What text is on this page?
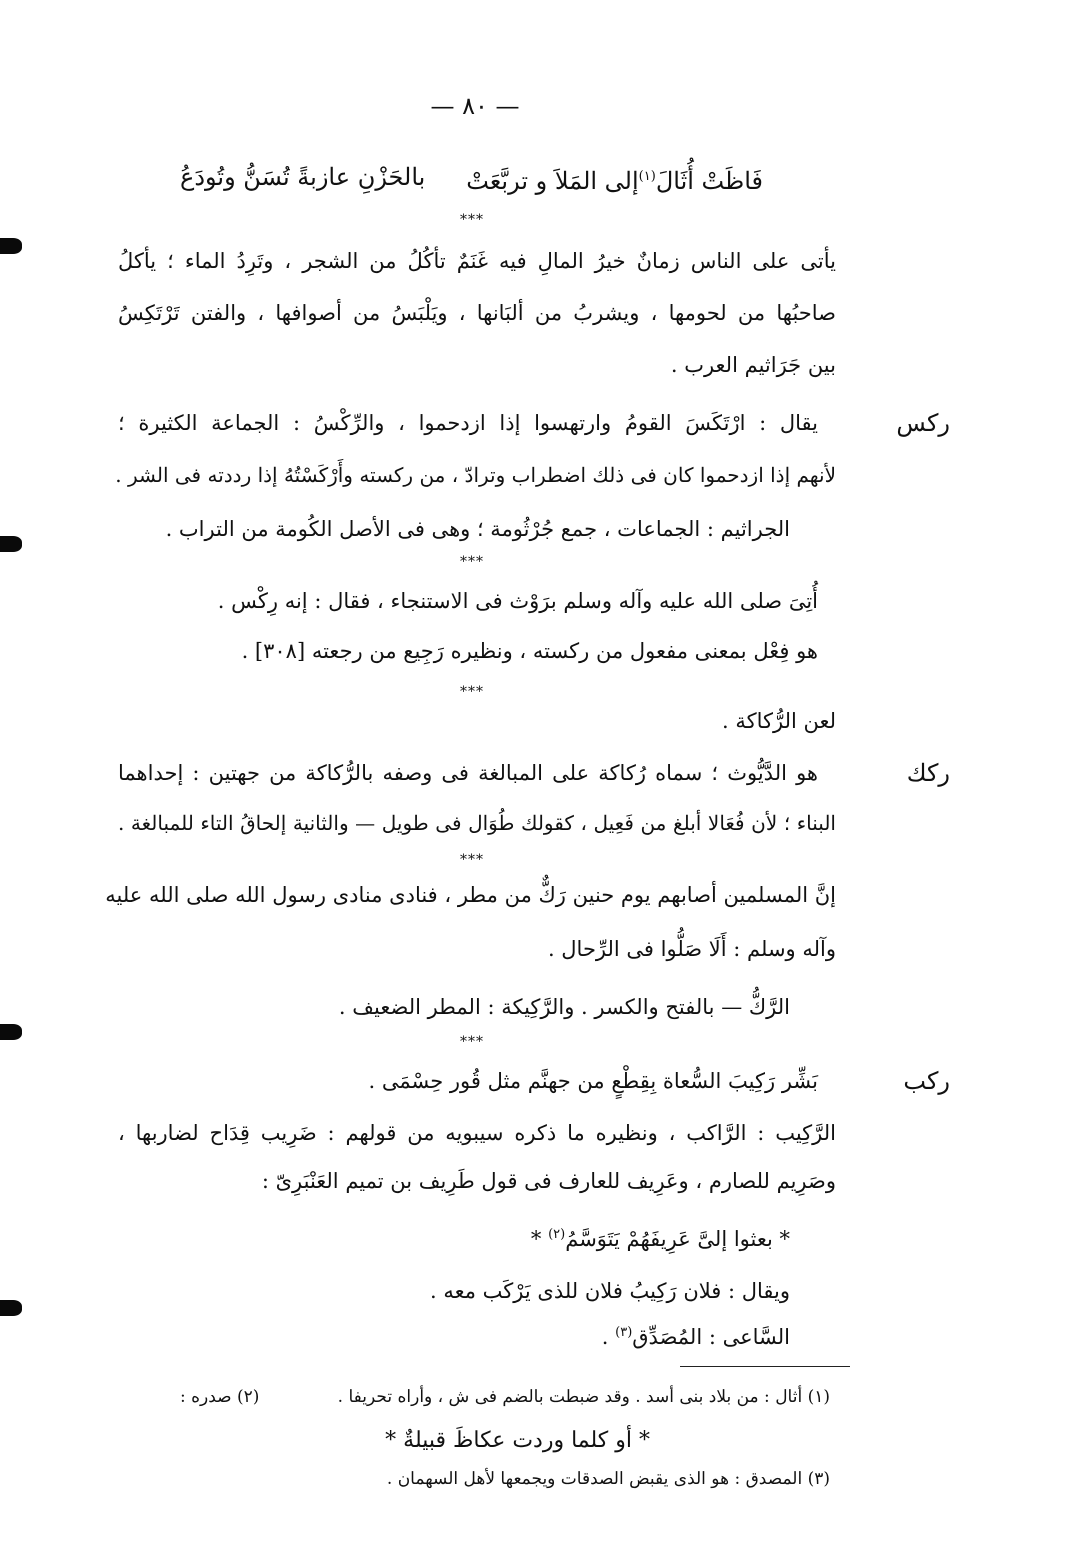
— ٨٠ —
فَاظَتْ أُثَالَ$^{(١)}$إلى المَلاَ و تربَّعَتْ
بالحَزْنِ عازبةً تُسَنُّ وتُودَعُ
***
يأتى على الناس زمانٌ خيرُ المالِ فيه غَنَمٌ تأكُلُ من الشجر ، وتَرِدُ الماء ؛ يأكلُ
صاحبُها من لحومها ، ويشربُ من ألبَانها ، ويَلْبَسُ من أصوافها ، والفتن تَرْتَكِسُ
بين جَرَاثيم العرب .
ركس
يقال : ارْتَكَسَ القومُ وارتهسوا إذا ازدحموا ، والرِّكْسُ : الجماعة الكثيرة ؛
لأنهم إذا ازدحموا كان فى ذلك اضطراب وترادّ ، من ركسته وأَرْكَسْتُهُ إذا رددته فى الشر .
الجراثيم : الجماعات ، جمع جُرْثُومة ؛ وهى فى الأصل الكُومة من التراب .
***
أُتِىَ صلى الله عليه وآله وسلم برَوْث فى الاستنجاء ، فقال : إنه رِكْس .
هو فِعْل بمعنى مفعول من ركسته ، ونظيره رَجِيع من رجعته [٣٠٨] .
***
لعن الرُّكاكة .
ركك
هو الدَّيُّوث ؛ سماه رُكاكة على المبالغة فى وصفه بالرُّكاكة من جهتين : إحداهما
البناء ؛ لأن فُعَالا أبلغ من فَعِيل ، كقولك طُوَال فى طويل — والثانية إلحاقُ التاء للمبالغة .
***
إنَّ المسلمين أصابهم يوم حنين رَكٌّ من مطر ، فنادى منادى رسول الله صلى الله عليه
وآله وسلم : أَلَا صَلُّوا فى الرِّحال .
الرَّكُّ — بالفتح والكسر . والرَّكِيكة : المطر الضعيف .
***
ركب
بَشِّر رَكِيبَ السُّعاة بِقِطْعٍ من جهنَّم مثل قُور حِسْمَى .
الرَّكِيب : الرَّاكب ، ونظيره ما ذكره سيبويه من قولهم : ضَرِيب قِدَاح لضاربها ،
وصَرِيم للصارم ، وعَرِيف للعارف فى قول طَرِيف بن تميم العَنْبَرِىّ :
* بعثوا إلىَّ عَرِيفَهُمْ يَتَوَسَّمُ$^{(٢)}$ *
ويقال : فلان رَكِيبُ فلان للذى يَرْكَب معه .
السَّاعى : المُصَدِّق$^{(٣)}$ .
(١) أثال : من بلاد بنى أسد . وقد ضبطت بالضم فى ش ، وأراه تحريفا .
(٢) صدره :
* أو كلما وردت عكاظَ قبيلةٌ *
(٣) المصدق : هو الذى يقبض الصدقات ويجمعها لأهل السهمان .
